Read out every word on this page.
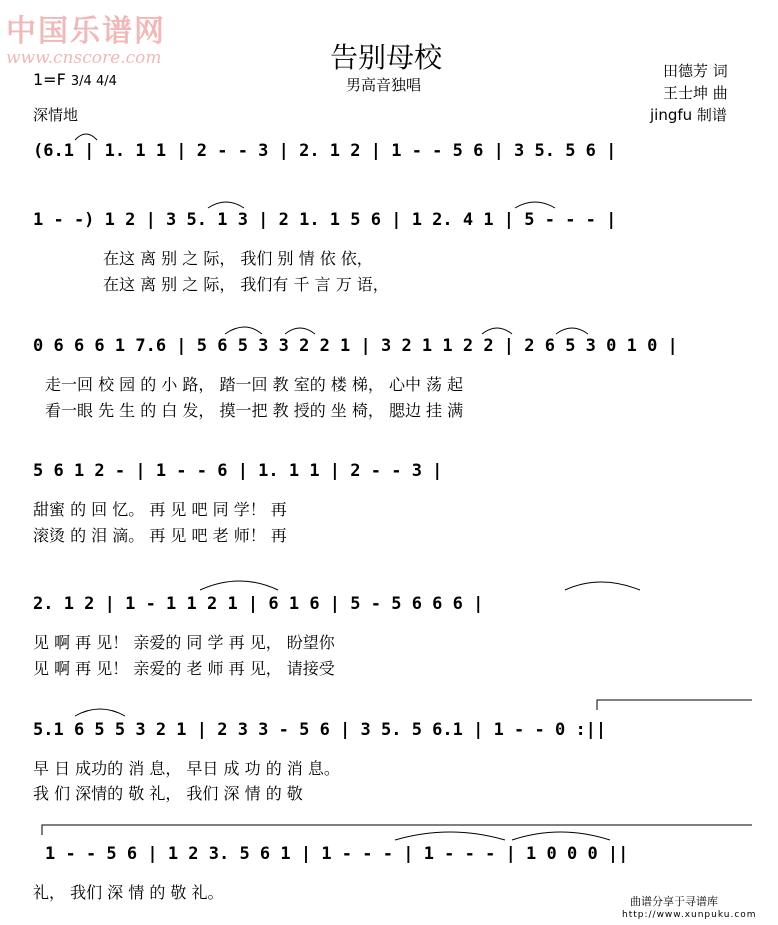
中国乐谱网
www.cnscore.com	告别母校
男高音独唱
田德芳 词
王士坤 曲
jingfu 制谱
1=F 3/4 4/4
深情地
(6.1 | 1. 1 1 | 2 - - 3 | 2. 1 2 | 1 - - 5 6 | 3 5. 5 6 |
1 - -) 1 2 | 3 5. 1 3 | 2 1. 1 5 6 | 1 2. 4 1 | 5 - - - |
在这 离 别 之 际， 我们 别 情 依 依，
在这 离 别 之 际， 我们有 千 言 万 语，
0 6 6 6 1 7.6 | 5 6 5 3 3 2 2 1 | 3 2 1 1 2 2 | 2 6 5 3 0 1 0 |
走一回 校 园 的 小 路， 踏一回 教 室的 楼 梯， 心中 荡 起
看一眼 先 生 的 白 发， 摸一把 教 授的 坐 椅， 腮边 挂 满
5 6 1 2 - | 1 - - 6 | 1. 1 1 | 2 - - 3 |
甜蜜 的 回 忆。 再 见 吧 同 学！ 再
滚烫 的 泪 滴。 再 见 吧 老 师！ 再
2. 1 2 | 1 - 1 1 2 1 | 6 1 6 | 5 - 5 6 6 6 |
见 啊 再 见！ 亲爱的 同 学 再 见， 盼望你
见 啊 再 见！ 亲爱的 老 师 再 见， 请接受
5.1 6 5 5 3 2 1 | 2 3 3 - 5 6 | 3 5. 5 6.1 | 1 - - 0 :||
早 日 成功的 消 息， 早日 成 功 的 消 息。
我 们 深情的 敬 礼， 我们 深 情 的 敬
1 - - 5 6 | 1 2 3. 5 6 1 | 1 - - - | 1 - - - | 1 0 0 0 ||
礼， 我们 深 情 的 敬 礼。	曲谱分享于寻谱库
http://www.xunpuku.com
